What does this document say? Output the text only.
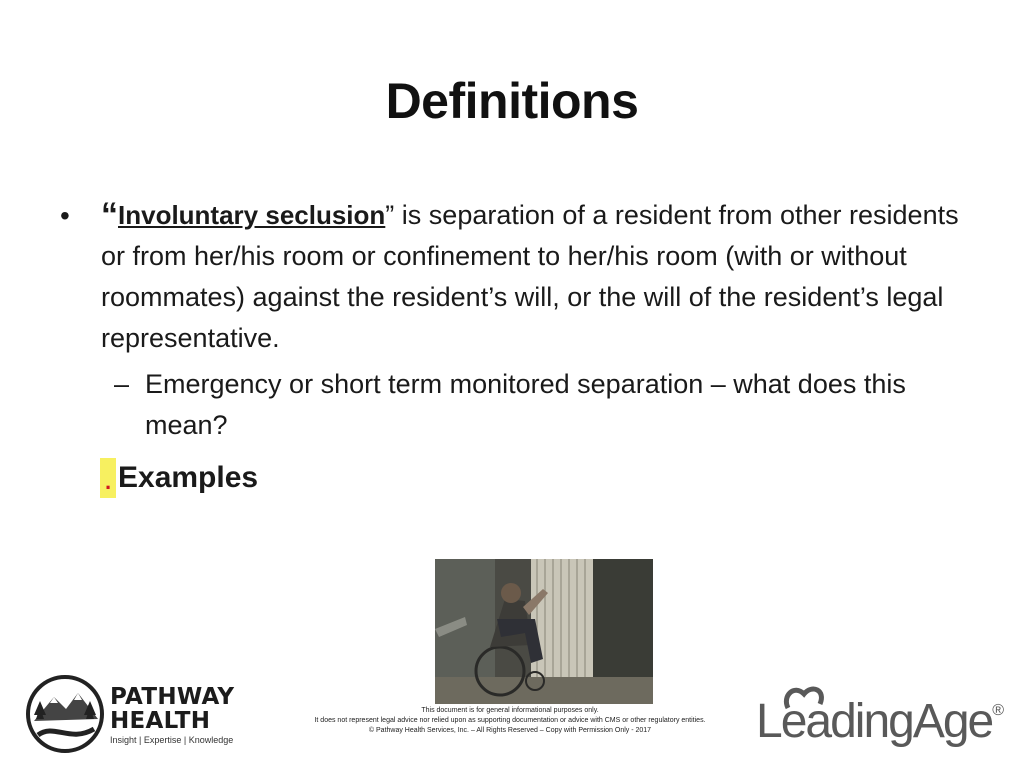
Definitions
• “Involuntary seclusion” is separation of a resident from other residents or from her/his room or confinement to her/his room (with or without roommates) against the resident’s will, or the will of the resident’s legal representative.
– Emergency or short term monitored separation – what does this mean?
. Examples
This document is for general informational purposes only.
It does not represent legal advice nor relied upon as supporting documentation or advice with CMS or other regulatory entities.
© Pathway Health Services, Inc. – All Rights Reserved – Copy with Permission Only - 2017
PATHWAY
HEALTH
Insight | Expertise | Knowledge	LeadingAge®
